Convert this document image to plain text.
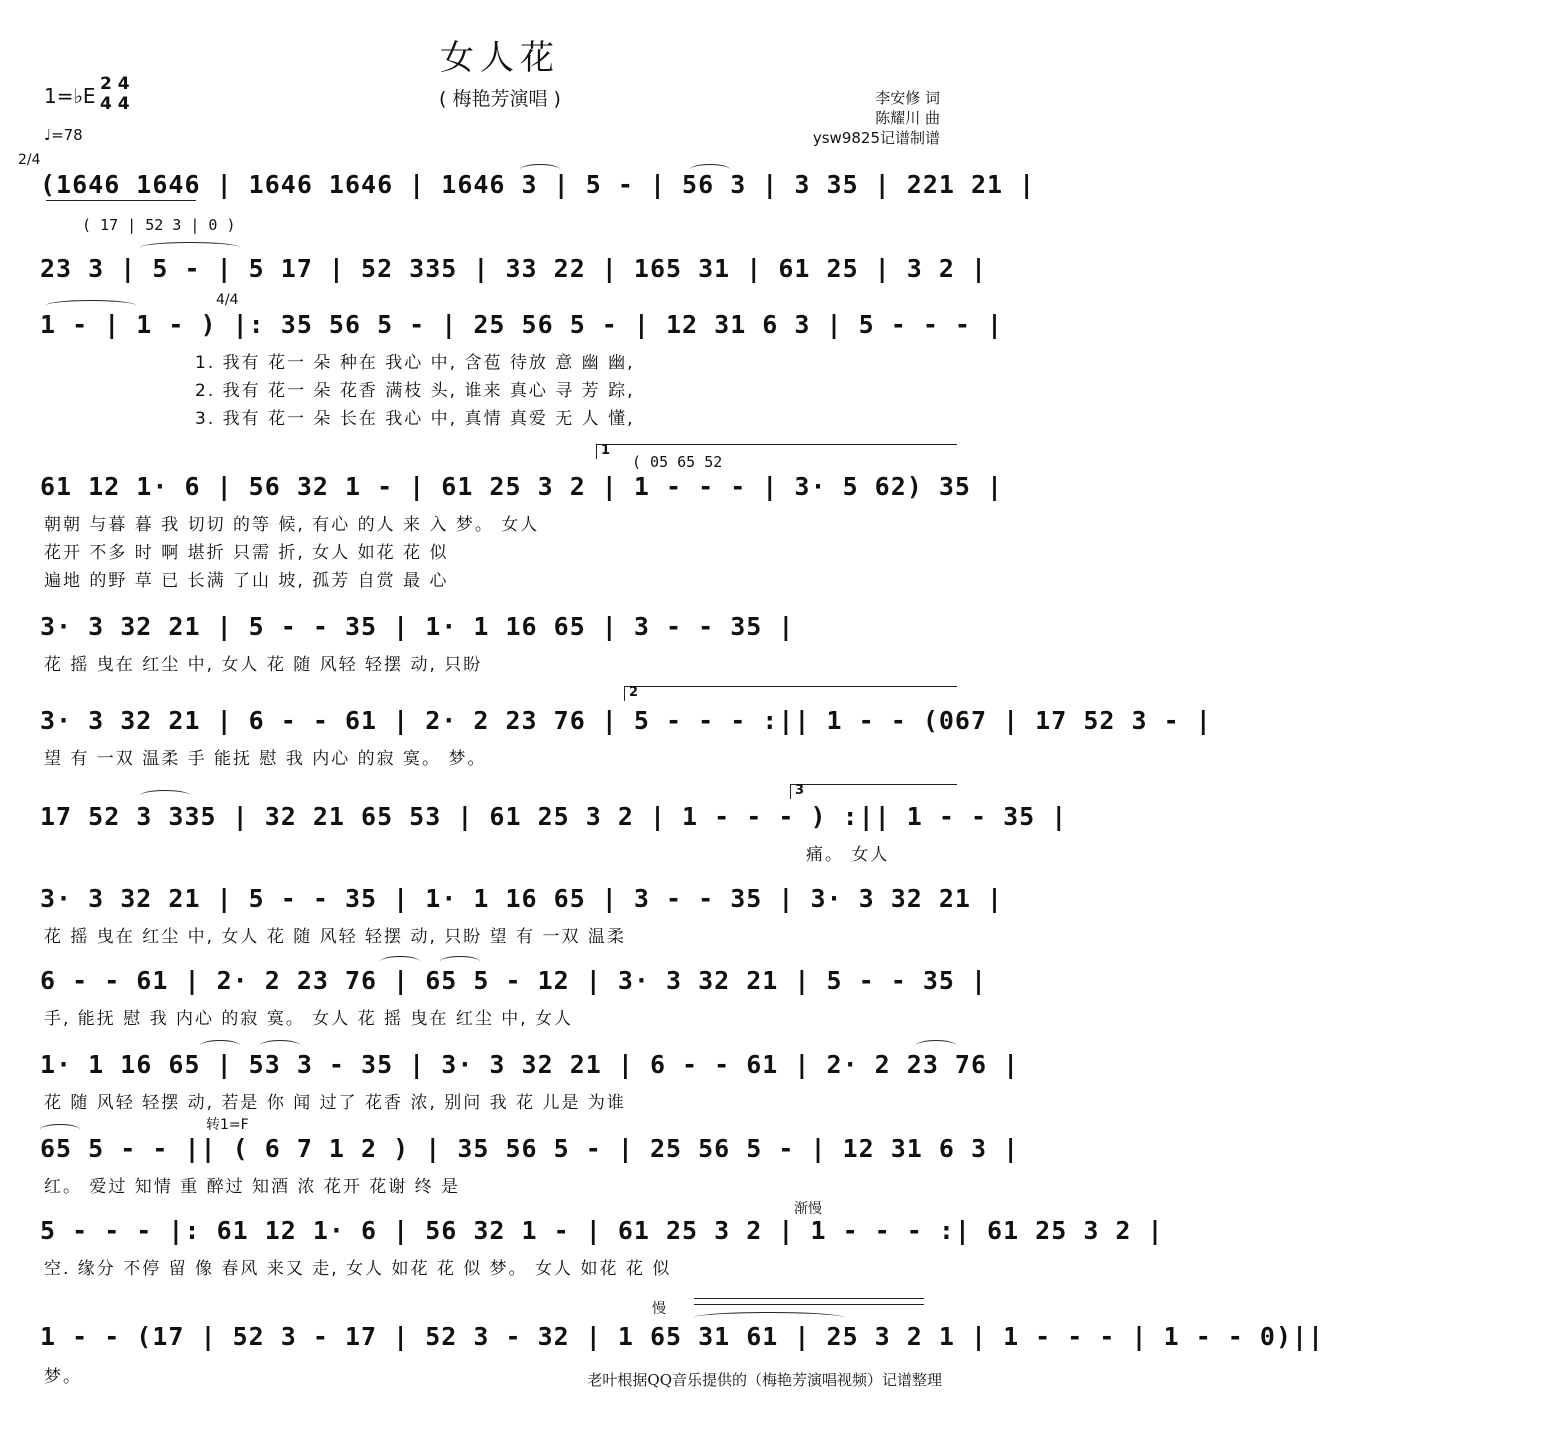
女人花
( 梅艳芳演唱 )
1=♭E 2 4
4 4
♩=78
李安修 词
陈耀川 曲
ysw9825记谱制谱
2/4
(1646 1646 | 1646 1646 | 1646 3 | 5 - | 56 3 | 3 35 | 221 21 |
( 17 | 52 3 | 0 )
23 3 | 5 - | 5 17 | 52 335 | 33 22 | 165 31 | 61 25 | 3 2 |
4/4
1 - | 1 - ) |: 35 56 5 - | 25 56 5 - | 12 31 6 3 | 5 - - - |
1. 我有 花一 朵 种在 我心 中, 含苞 待放 意 幽 幽,
2. 我有 花一 朵 花香 满枝 头, 谁来 真心 寻 芳 踪,
3. 我有 花一 朵 长在 我心 中, 真情 真爱 无 人 懂,
1
( 05 65 52
61 12 1· 6 | 56 32 1 - | 61 25 3 2 | 1 - - - | 3· 5 62) 35 |
朝朝 与暮 暮 我 切切 的等 候, 有心 的人 来 入 梦。 女人
花开 不多 时 啊 堪折 只需 折, 女人 如花 花 似
遍地 的野 草 已 长满 了山 坡, 孤芳 自赏 最 心
3· 3 32 21 | 5 - - 35 | 1· 1 16 65 | 3 - - 35 |
花 摇 曳在 红尘 中, 女人 花 随 风轻 轻摆 动, 只盼
2
3· 3 32 21 | 6 - - 61 | 2· 2 23 76 | 5 - - - :|| 1 - - (067 | 17 52 3 - |
望 有 一双 温柔 手 能抚 慰 我 内心 的寂 寞。 梦。
3
17 52 3 335 | 32 21 65 53 | 61 25 3 2 | 1 - - - ) :|| 1 - - 35 |
痛。 女人
3· 3 32 21 | 5 - - 35 | 1· 1 16 65 | 3 - - 35 | 3· 3 32 21 |
花 摇 曳在 红尘 中, 女人 花 随 风轻 轻摆 动, 只盼 望 有 一双 温柔
6 - - 61 | 2· 2 23 76 | 65 5 - 12 | 3· 3 32 21 | 5 - - 35 |
手, 能抚 慰 我 内心 的寂 寞。 女人 花 摇 曳在 红尘 中, 女人
1· 1 16 65 | 53 3 - 35 | 3· 3 32 21 | 6 - - 61 | 2· 2 23 76 |
花 随 风轻 轻摆 动, 若是 你 闻 过了 花香 浓, 别问 我 花 儿是 为谁
转1=F
65 5 - - || ( 6 7 1 2 ) | 35 56 5 - | 25 56 5 - | 12 31 6 3 |
红。 爱过 知情 重 醉过 知酒 浓 花开 花谢 终 是
渐慢
5 - - - |: 61 12 1· 6 | 56 32 1 - | 61 25 3 2 | 1 - - - :| 61 25 3 2 |
空. 缘分 不停 留 像 春风 来又 走, 女人 如花 花 似 梦。 女人 如花 花 似
慢
1 - - (17 | 52 3 - 17 | 52 3 - 32 | 1 65 31 61 | 25 3 2 1 | 1 - - - | 1 - - 0)||
梦。	老叶根据QQ音乐提供的（梅艳芳演唱视频）记谱整理
